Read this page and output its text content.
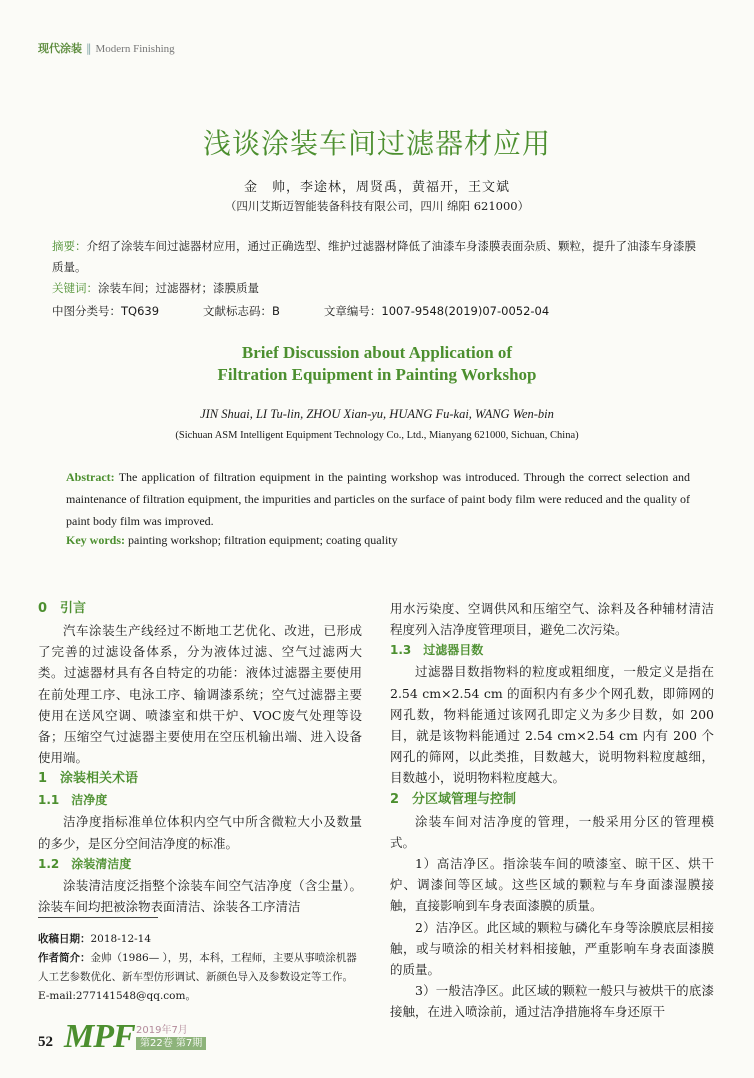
现代涂装 ‖ Modern Finishing
浅谈涂装车间过滤器材应用
金　帅，李途林，周贤禹，黄福开，王文斌
（四川艾斯迈智能装备科技有限公司，四川 绵阳 621000）
摘要：介绍了涂装车间过滤器材应用，通过正确选型、维护过滤器材降低了油漆车身漆膜表面杂质、颗粒，提升了油漆车身漆膜质量。
关键词：涂装车间；过滤器材；漆膜质量
中图分类号：TQ639	文献标志码：B	文章编号：1007-9548(2019)07-0052-04
Brief Discussion about Application of
Filtration Equipment in Painting Workshop
JIN Shuai, LI Tu-lin, ZHOU Xian-yu, HUANG Fu-kai, WANG Wen-bin
(Sichuan ASM Intelligent Equipment Technology Co., Ltd., Mianyang 621000, Sichuan, China)
Abstract: The application of filtration equipment in the painting workshop was introduced. Through the correct selection and maintenance of filtration equipment, the impurities and particles on the surface of paint body film were reduced and the quality of paint body film was improved.
Key words: painting workshop; filtration equipment; coating quality
0　引言
汽车涂装生产线经过不断地工艺优化、改进，已形成了完善的过滤设备体系，分为液体过滤、空气过滤两大类。过滤器材具有各自特定的功能：液体过滤器主要使用在前处理工序、电泳工序、输调漆系统；空气过滤器主要使用在送风空调、喷漆室和烘干炉、VOC废气处理等设备；压缩空气过滤器主要使用在空压机输出端、进入设备使用端。
1　涂装相关术语
1.1　洁净度
洁净度指标准单位体积内空气中所含微粒大小及数量的多少，是区分空间洁净度的标准。
1.2　涂装清洁度
涂装清洁度泛指整个涂装车间空气洁净度（含尘量）。涂装车间均把被涂物表面清洁、涂装各工序清洁
用水污染度、空调供风和压缩空气、涂料及各种辅材清洁程度列入洁净度管理项目，避免二次污染。
1.3　过滤器目数
过滤器目数指物料的粒度或粗细度，一般定义是指在 2.54 cm×2.54 cm 的面积内有多少个网孔数，即筛网的网孔数，物料能通过该网孔即定义为多少目数，如 200 目，就是该物料能通过 2.54 cm×2.54 cm 内有 200 个网孔的筛网，以此类推，目数越大，说明物料粒度越细，目数越小，说明物料粒度越大。
2　分区域管理与控制
涂装车间对洁净度的管理，一般采用分区的管理模式。
1）高洁净区。指涂装车间的喷漆室、晾干区、烘干炉、调漆间等区域。这些区域的颗粒与车身面漆湿膜接触，直接影响到车身表面漆膜的质量。
2）洁净区。此区域的颗粒与磷化车身等涂膜底层相接触，或与喷涂的相关材料相接触，严重影响车身表面漆膜的质量。
3）一般洁净区。此区域的颗粒一般只与被烘干的底漆接触，在进入喷涂前，通过洁净措施将车身还原干
收稿日期：2018-12-14
作者简介：金帅（1986— ），男，本科，工程师，主要从事喷涂机器人工艺参数优化、新车型仿形调试、新颜色导入及参数设定等工作。E-mail:277141548@qq.com。
52 MPF 2019年7月
第22卷 第7期
